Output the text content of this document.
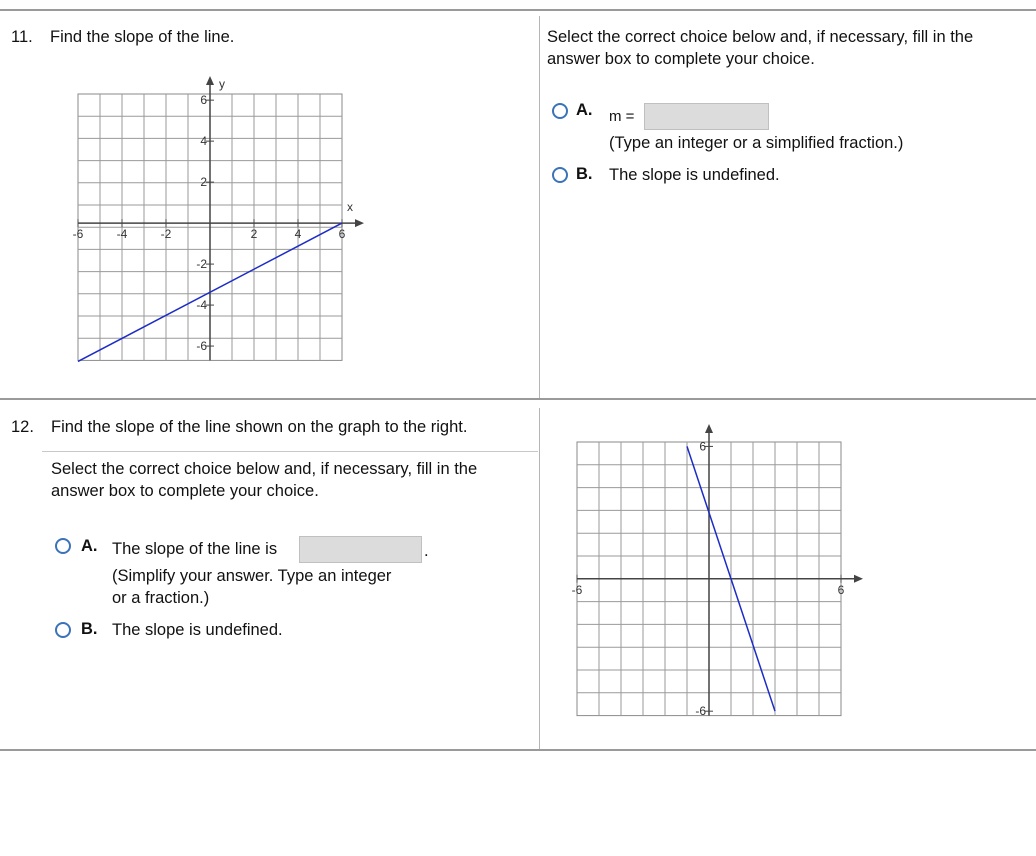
11. Find the slope of the line.
x
y
-6	-4	-2	2	4	6
6
4
2
-2
-4
-6
Select the correct choice below and, if necessary, fill in the answer box to complete your choice.
A. m =
(Type an integer or a simplified fraction.)
B. The slope is undefined.
12. Find the slope of the line shown on the graph to the right.
Select the correct choice below and, if necessary, fill in the answer box to complete your choice.
A. The slope of the line is	.
(Simplify your answer. Type an integer
or a fraction.)
B. The slope is undefined.
-6	6
6
-6
